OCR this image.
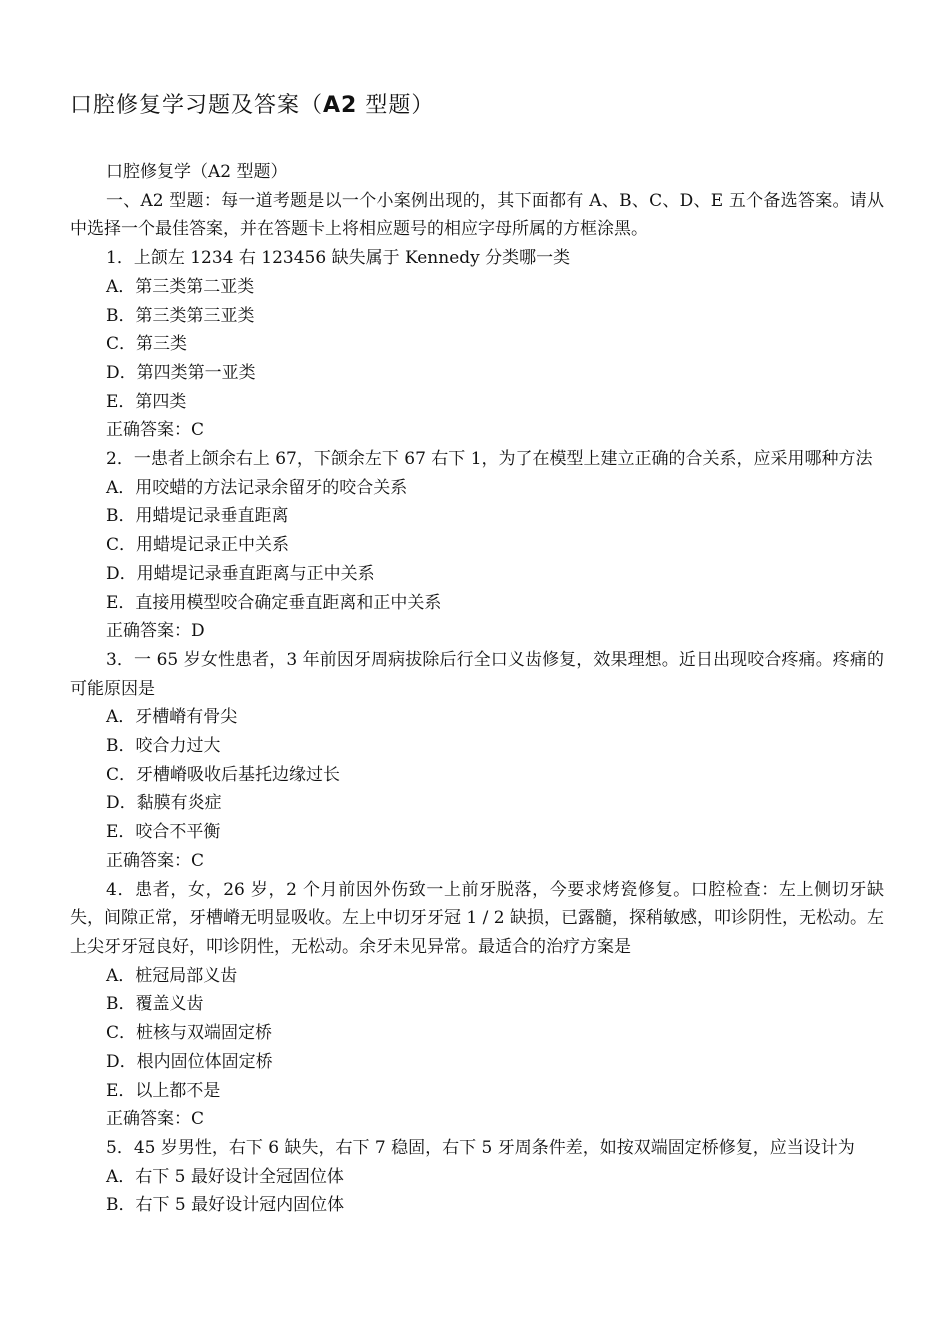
口腔修复学习题及答案（A2 型题）

口腔修复学（A2 型题）

一、A2 型题：每一道考题是以一个小案例出现的，其下面都有 A、B、C、D、E 五个备选答案。请从中选择一个最佳答案，并在答题卡上将相应题号的相应字母所属的方框涂黑。

1．上颌左 1234 右 123456 缺失属于 Kennedy 分类哪一类

A．第三类第二亚类

B．第三类第三亚类

C．第三类

D．第四类第一亚类

E．第四类

正确答案：C

2．一患者上颌余右上 67，下颌余左下 67 右下 1，为了在模型上建立正确的合关系，应采用哪种方法

A．用咬蜡的方法记录余留牙的咬合关系

B．用蜡堤记录垂直距离

C．用蜡堤记录正中关系

D．用蜡堤记录垂直距离与正中关系

E．直接用模型咬合确定垂直距离和正中关系

正确答案：D

3．一 65 岁女性患者，3 年前因牙周病拔除后行全口义齿修复，效果理想。近日出现咬合疼痛。疼痛的可能原因是

A．牙槽嵴有骨尖

B．咬合力过大

C．牙槽嵴吸收后基托边缘过长

D．黏膜有炎症

E．咬合不平衡

正确答案：C

4．患者，女，26 岁，2 个月前因外伤致一上前牙脱落，今要求烤瓷修复。口腔检查：左上侧切牙缺失，间隙正常，牙槽嵴无明显吸收。左上中切牙牙冠 1 / 2 缺损，已露髓，探稍敏感，叩诊阴性，无松动。左上尖牙牙冠良好，叩诊阴性，无松动。余牙未见异常。最适合的治疗方案是

A．桩冠局部义齿

B．覆盖义齿

C．桩核与双端固定桥

D．根内固位体固定桥

E．以上都不是

正确答案：C

5．45 岁男性，右下 6 缺失，右下 7 稳固，右下 5 牙周条件差，如按双端固定桥修复，应当设计为

A．右下 5 最好设计全冠固位体

B．右下 5 最好设计冠内固位体
